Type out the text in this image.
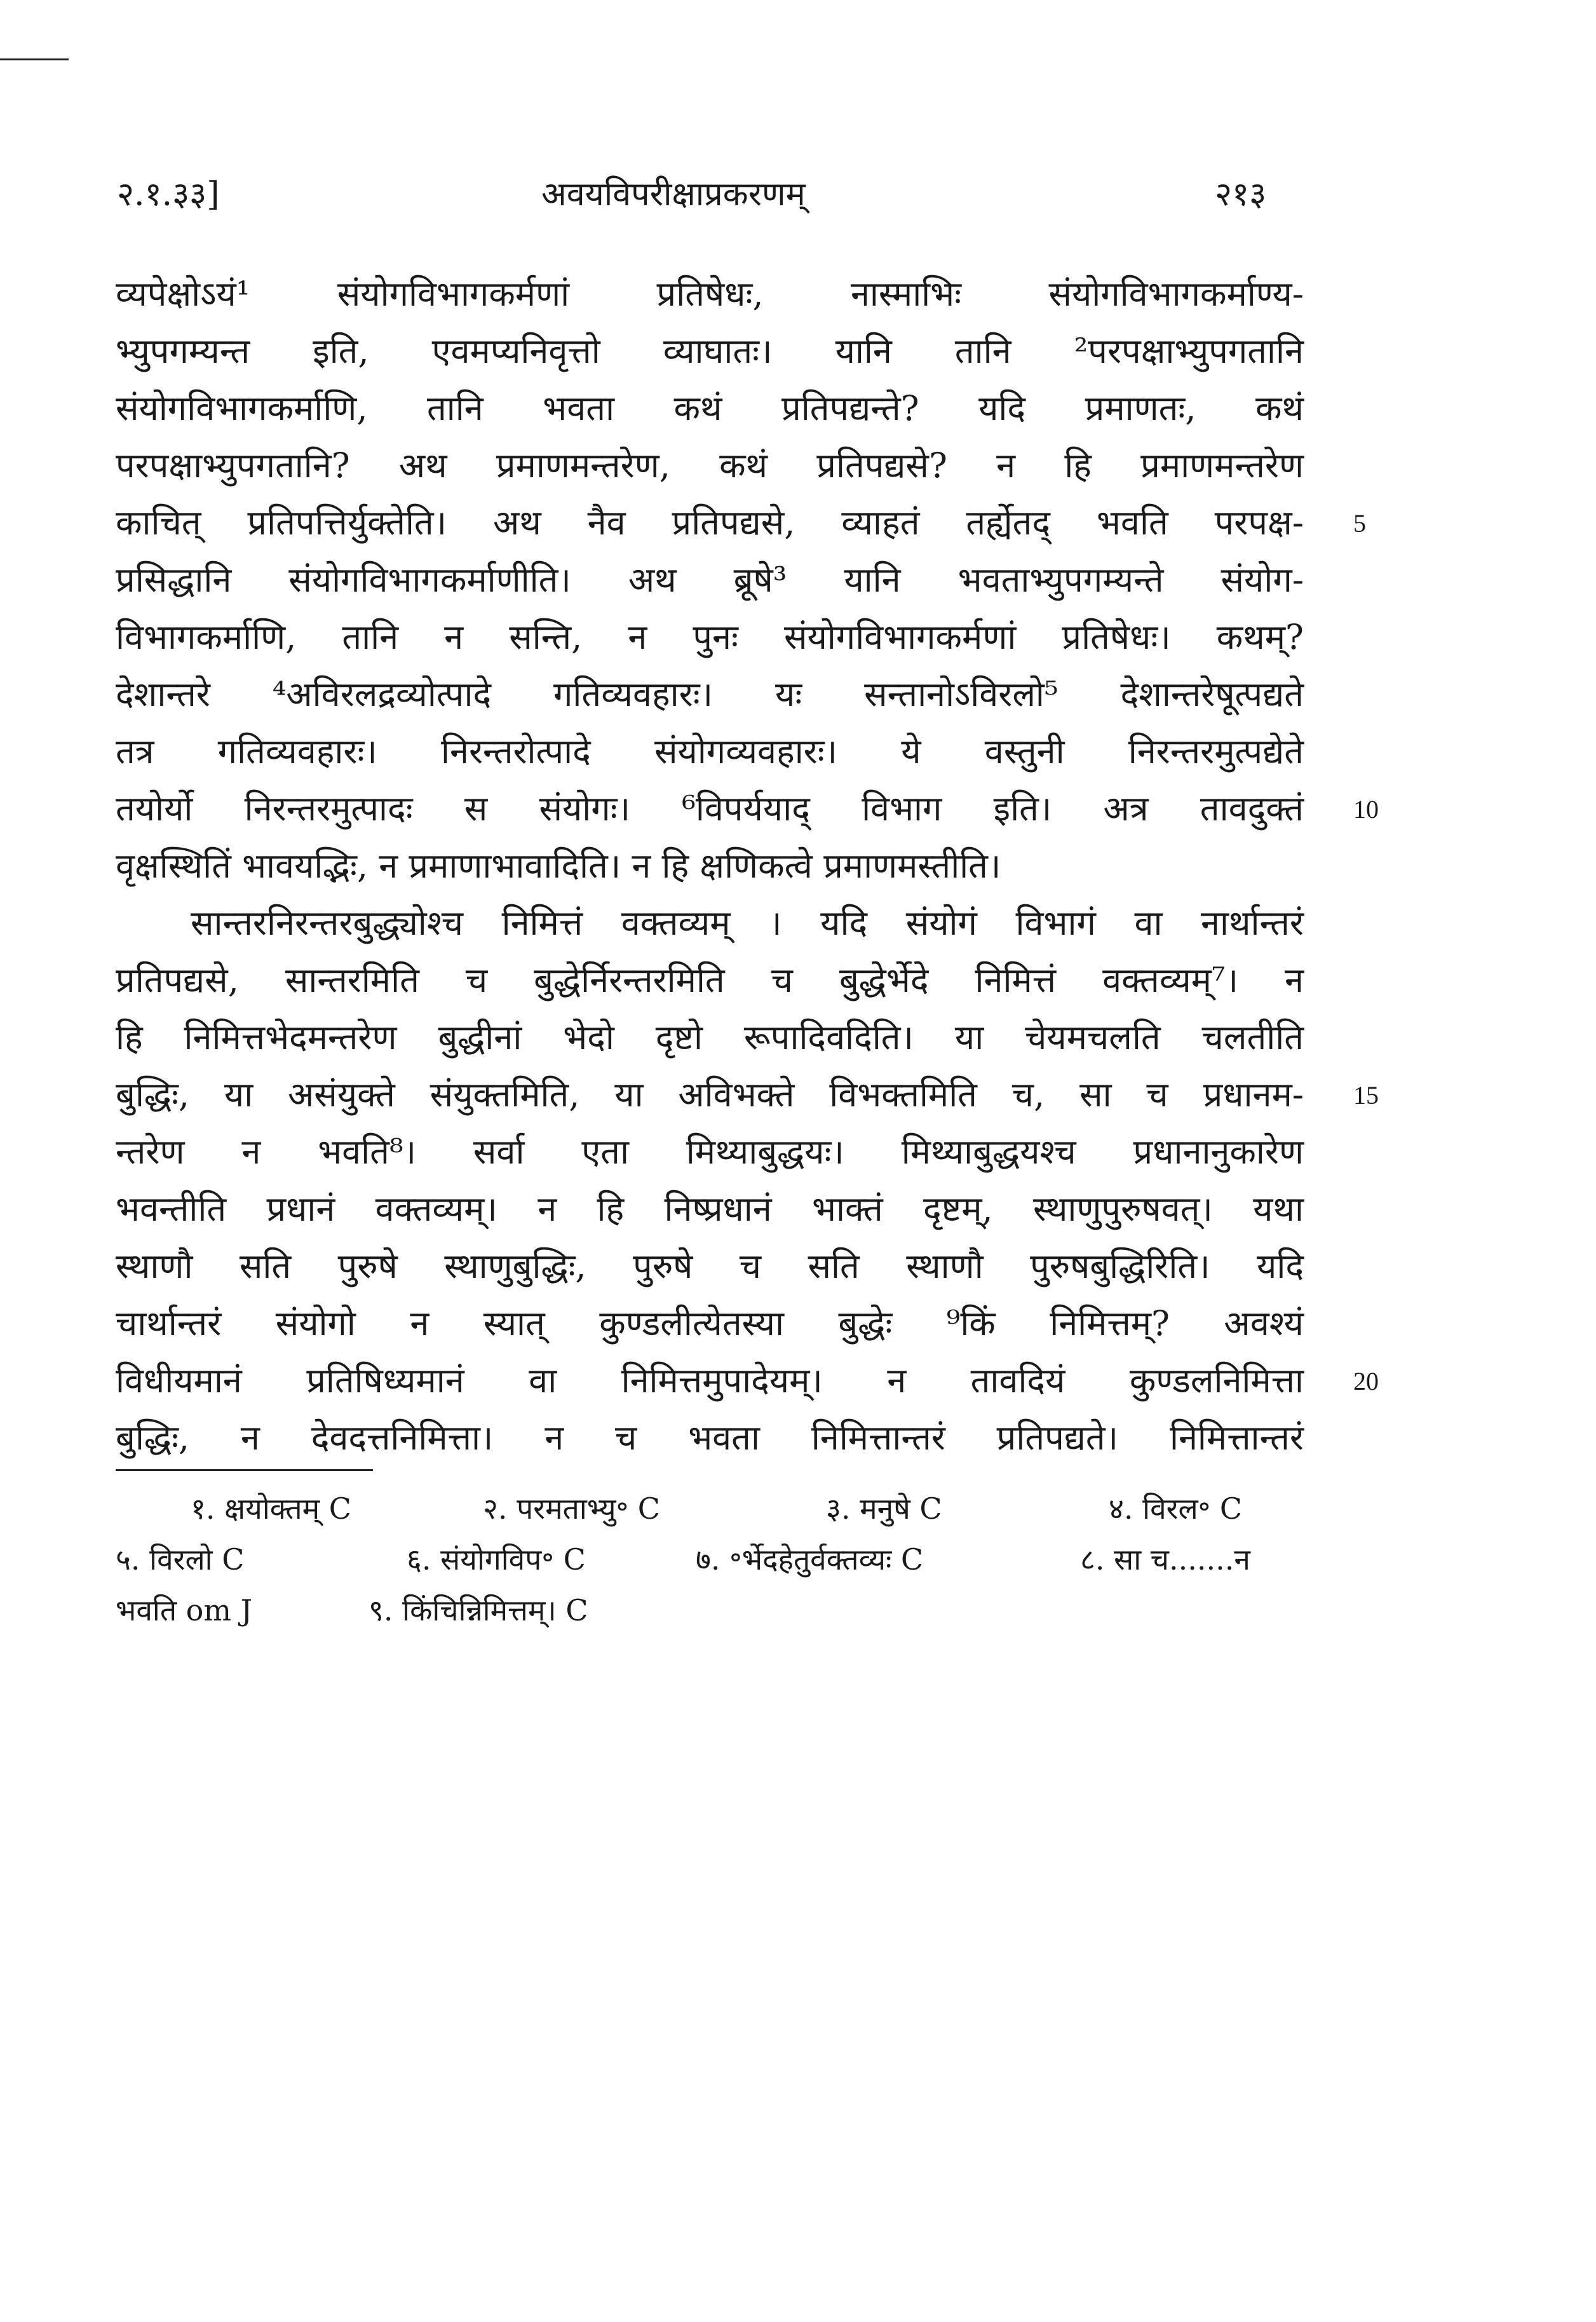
२.१.३३]	अवयविपरीक्षाप्रकरणम्	२१३
व्यपेक्षोऽयं¹ संयोगविभागकर्मणां प्रतिषेधः, नास्माभिः संयोगविभागकर्माण्य-
भ्युपगम्यन्त इति, एवमप्यनिवृत्तो व्याघातः। यानि तानि ²परपक्षाभ्युपगतानि
संयोगविभागकर्माणि, तानि भवता कथं प्रतिपद्यन्ते? यदि प्रमाणतः, कथं
परपक्षाभ्युपगतानि? अथ प्रमाणमन्तरेण, कथं प्रतिपद्यसे? न हि प्रमाणमन्तरेण
काचित् प्रतिपत्तिर्युक्तेति। अथ नैव प्रतिपद्यसे, व्याहतं तर्ह्येतद् भवति परपक्ष-
प्रसिद्धानि संयोगविभागकर्माणीति। अथ ब्रूषे³ यानि भवताभ्युपगम्यन्ते संयोग-
विभागकर्माणि, तानि न सन्ति, न पुनः संयोगविभागकर्मणां प्रतिषेधः। कथम्?
देशान्तरे ⁴अविरलद्रव्योत्पादे गतिव्यवहारः। यः सन्तानोऽविरलो⁵ देशान्तरेषूत्पद्यते
तत्र गतिव्यवहारः। निरन्तरोत्पादे संयोगव्यवहारः। ये वस्तुनी निरन्तरमुत्पद्येते
तयोर्यो निरन्तरमुत्पादः स संयोगः। ⁶विपर्ययाद् विभाग इति। अत्र तावदुक्तं
वृक्षस्थितिं भावयद्भिः, न प्रमाणाभावादिति। न हि क्षणिकत्वे प्रमाणमस्तीति।
सान्तरनिरन्तरबुद्ध्योश्च निमित्तं वक्तव्यम् । यदि संयोगं विभागं वा नार्थान्तरं
प्रतिपद्यसे, सान्तरमिति च बुद्धेर्निरन्तरमिति च बुद्धेर्भेदे निमित्तं वक्तव्यम्⁷। न
हि निमित्तभेदमन्तरेण बुद्धीनां भेदो दृष्टो रूपादिवदिति। या चेयमचलति चलतीति
बुद्धिः, या असंयुक्ते संयुक्तमिति, या अविभक्ते विभक्तमिति च, सा च प्रधानम-
न्तरेण न भवति⁸। सर्वा एता मिथ्याबुद्धयः। मिथ्याबुद्धयश्च प्रधानानुकारेण
भवन्तीति प्रधानं वक्तव्यम्। न हि निष्प्रधानं भाक्तं दृष्टम्, स्थाणुपुरुषवत्। यथा
स्थाणौ सति पुरुषे स्थाणुबुद्धिः, पुरुषे च सति स्थाणौ पुरुषबुद्धिरिति। यदि
चार्थान्तरं संयोगो न स्यात् कुण्डलीत्येतस्या बुद्धेः ⁹किं निमित्तम्? अवश्यं
विधीयमानं प्रतिषिध्यमानं वा निमित्तमुपादेयम्। न तावदियं कुण्डलनिमित्ता
बुद्धिः, न देवदत्तनिमित्ता। न च भवता निमित्तान्तरं प्रतिपद्यते। निमित्तान्तरं
5
10
15
20
१. क्षयोक्तम् C	२. परमताभ्यु॰ C	३. मनुषे C	४. विरल॰ C
५. विरलो C	६. संयोगविप॰ C	७. ॰र्भेदहेतुर्वक्तव्यः C	८. सा च.......न
भवति om J	९. किंचिन्निमित्तम्। C
